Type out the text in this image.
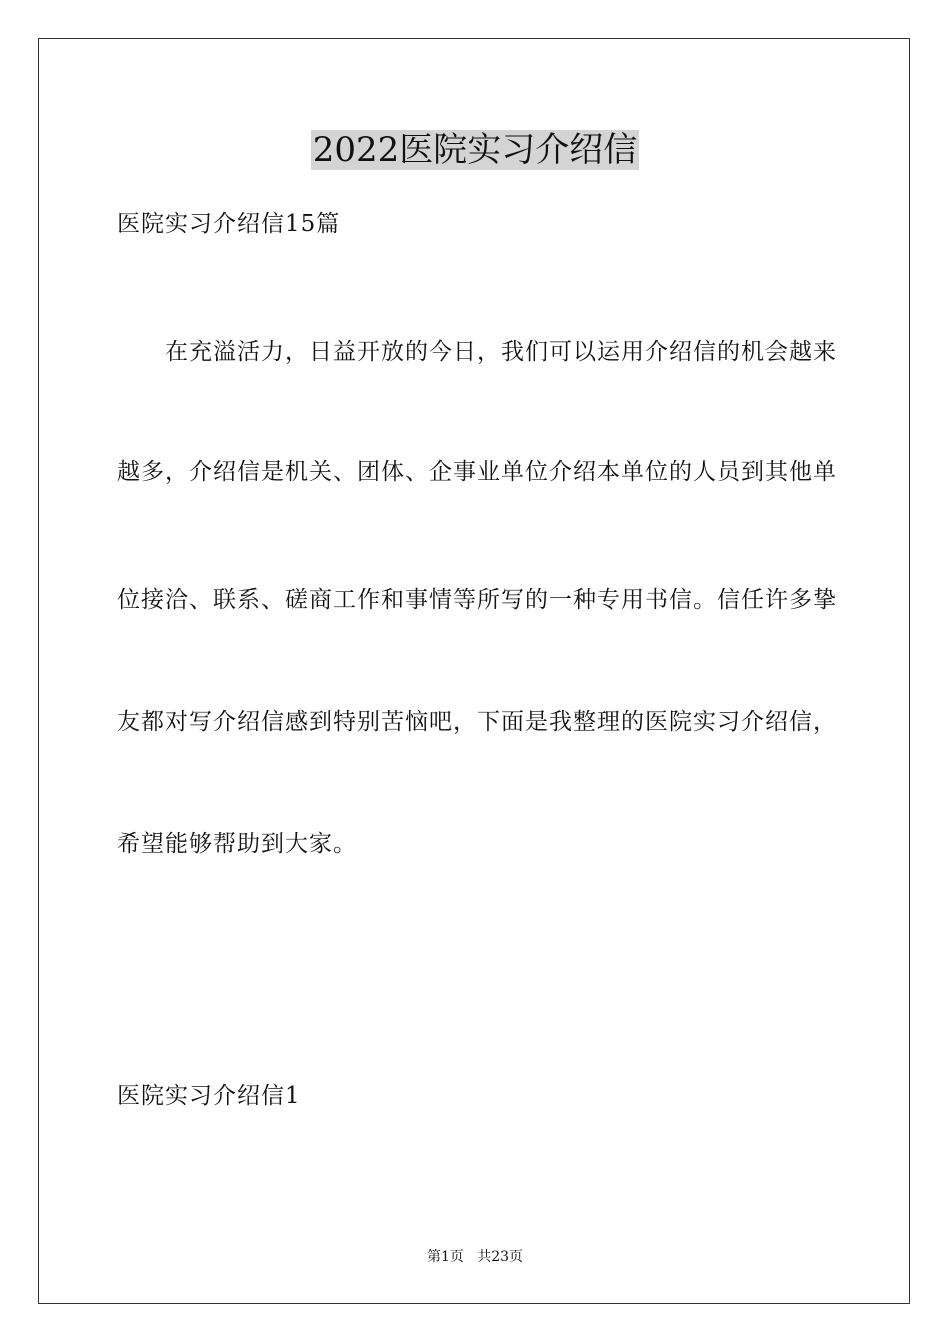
2022医院实习介绍信
医院实习介绍信15篇
在充溢活力，日益开放的今日，我们可以运用介绍信的机会越来
越多，介绍信是机关、团体、企事业单位介绍本单位的人员到其他单
位接洽、联系、磋商工作和事情等所写的一种专用书信。信任许多挚
友都对写介绍信感到特别苦恼吧，下面是我整理的医院实习介绍信，
希望能够帮助到大家。
医院实习介绍信1
第1页   共23页
